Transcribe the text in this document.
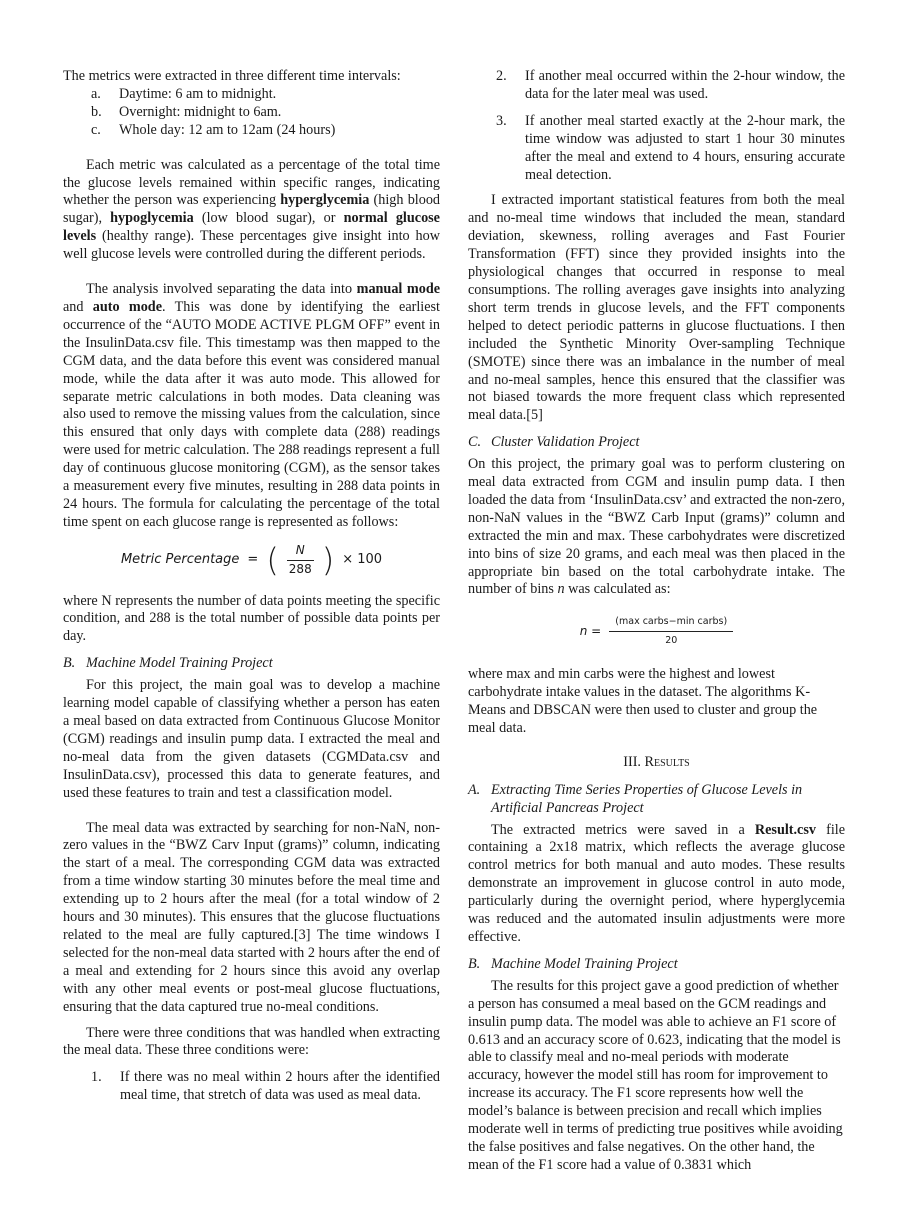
The metrics were extracted in three different time intervals:

a. Daytime: 6 am to midnight.
b. Overnight: midnight to 6am.
c. Whole day: 12 am to 12am (24 hours)

Each metric was calculated as a percentage of the total time the glucose levels remained within specific ranges, indicating whether the person was experiencing hyperglycemia (high blood sugar), hypoglycemia (low blood sugar), or normal glucose levels (healthy range). These percentages give insight into how well glucose levels were controlled during the different periods.

The analysis involved separating the data into manual mode and auto mode. This was done by identifying the earliest occurrence of the “AUTO MODE ACTIVE PLGM OFF” event in the InsulinData.csv file. This timestamp was then mapped to the CGM data, and the data before this event was considered manual mode, while the data after it was auto mode. This allowed for separate metric calculations in both modes. Data cleaning was also used to remove the missing values from the calculation, since this ensured that only days with complete data (288) readings were used for metric calculation. The 288 readings represent a full day of continuous glucose monitoring (CGM), as the sensor takes a measurement every five minutes, resulting in 288 data points in 24 hours. The formula for calculating the percentage of the total time spent on each glucose range is represented as follows:

Metric Percentage = ( $\frac{N}{288}$ ) × 100

where N represents the number of data points meeting the specific condition, and 288 is the total number of possible data points per day.

B. Machine Model Training Project

For this project, the main goal was to develop a machine learning model capable of classifying whether a person has eaten a meal based on data extracted from Continuous Glucose Monitor (CGM) readings and insulin pump data. I extracted the meal and no-meal data from the given datasets (CGMData.csv and InsulinData.csv), processed this data to generate features, and used these features to train and test a classification model.

The meal data was extracted by searching for non-NaN, non-zero values in the “BWZ Carv Input (grams)” column, indicating the start of a meal. The corresponding CGM data was extracted from a time window starting 30 minutes before the meal time and extending up to 2 hours after the meal (for a total window of 2 hours and 30 minutes). This ensures that the glucose fluctuations related to the meal are fully captured.[3] The time windows I selected for the non-meal data started with 2 hours after the end of a meal and extending for 2 hours since this avoid any overlap with any other meal events or post-meal glucose fluctuations, ensuring that the data captured true no-meal conditions.

There were three conditions that was handled when extracting the meal data. These three conditions were:

1. If there was no meal within 2 hours after the identified meal time, that stretch of data was used as meal data.
2. If another meal occurred within the 2-hour window, the data for the later meal was used.
3. If another meal started exactly at the 2-hour mark, the time window was adjusted to start 1 hour 30 minutes after the meal and extend to 4 hours, ensuring accurate meal detection.

I extracted important statistical features from both the meal and no-meal time windows that included the mean, standard deviation, skewness, rolling averages and Fast Fourier Transformation (FFT) since they provided insights into the physiological changes that occurred in response to meal consumptions. The rolling averages gave insights into analyzing short term trends in glucose levels, and the FFT components helped to detect periodic patterns in glucose fluctuations. I then included the Synthetic Minority Over-sampling Technique (SMOTE) since there was an imbalance in the number of meal and no-meal samples, hence this ensured that the classifier was not biased towards the more frequent class which represented meal data.[5]

C. Cluster Validation Project

On this project, the primary goal was to perform clustering on meal data extracted from CGM and insulin pump data. I then loaded the data from ‘InsulinData.csv’ and extracted the non-zero, non-NaN values in the “BWZ Carb Input (grams)” column and extracted the min and max. These carbohydrates were discretized into bins of size 20 grams, and each meal was then placed in the appropriate bin based on the total carbohydrate intake. The number of bins n was calculated as:

$n = \frac{\text{(max carbs−min carbs)}}{20}$

where max and min carbs were the highest and lowest carbohydrate intake values in the dataset. The algorithms K-Means and DBSCAN were then used to cluster and group the meal data.

III. Results
A. Extracting Time Series Properties of Glucose Levels in Artificial Pancreas Project

The extracted metrics were saved in a Result.csv file containing a 2x18 matrix, which reflects the average glucose control metrics for both manual and auto modes. These results demonstrate an improvement in glucose control in auto mode, particularly during the overnight period, where hyperglycemia was reduced and the automated insulin adjustments were more effective.

B. Machine Model Training Project

The results for this project gave a good prediction of whether a person has consumed a meal based on the GCM readings and insulin pump data. The model was able to achieve an F1 score of 0.613 and an accuracy score of 0.623, indicating that the model is able to classify meal and no-meal periods with moderate accuracy, however the model still has room for improvement to increase its accuracy. The F1 score represents how well the model’s balance is between precision and recall which implies moderate well in terms of predicting true positives while avoiding the false positives and false negatives. On the other hand, the mean of the F1 score had a value of 0.3831 which
